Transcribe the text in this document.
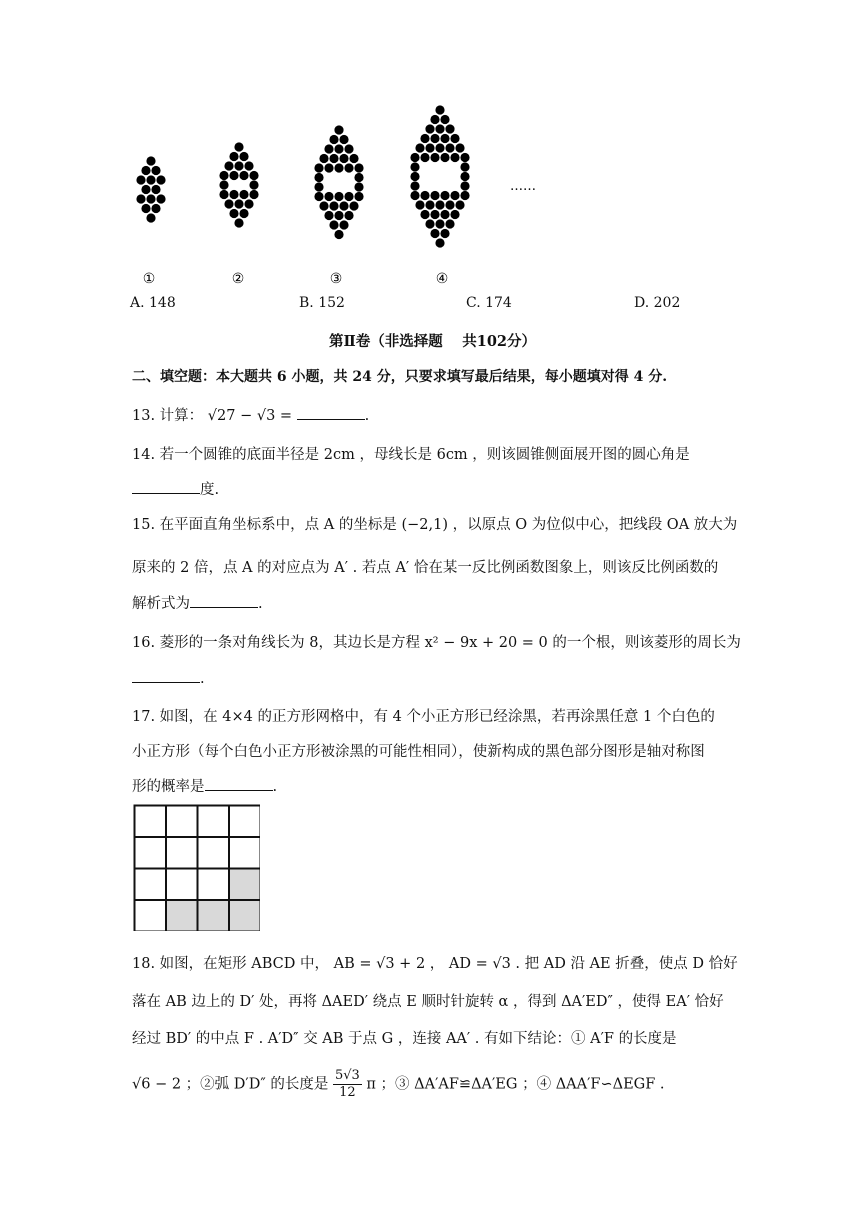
①	②	③	④
……
A. 148	B. 152	C. 174	D. 202
第Ⅱ卷（非选择题　 共102分）
二、填空题：本大题共 6 小题，共 24 分，只要求填写最后结果，每小题填对得 4 分.
13. 计算： √27 − √3 =	.
14. 若一个圆锥的底面半径是 2cm ，母线长是 6cm ，则该圆锥侧面展开图的圆心角是
度.
15. 在平面直角坐标系中，点 A 的坐标是 (−2,1) ，以原点 O 为位似中心，把线段 OA 放大为
原来的 2 倍，点 A 的对应点为 A′ . 若点 A′ 恰在某一反比例函数图象上，则该反比例函数的
解析式为	.
16. 菱形的一条对角线长为 8，其边长是方程 x² − 9x + 20 = 0 的一个根，则该菱形的周长为
.
17. 如图，在 4×4 的正方形网格中，有 4 个小正方形已经涂黑，若再涂黑任意 1 个白色的
小正方形（每个白色小正方形被涂黑的可能性相同），使新构成的黑色部分图形是轴对称图
形的概率是	.
18. 如图，在矩形 ABCD 中， AB = √3 + 2 ， AD = √3 . 把 AD 沿 AE 折叠，使点 D 恰好
落在 AB 边上的 D′ 处，再将 ΔAED′ 绕点 E 顺时针旋转 α ，得到 ΔA′ED″ ，使得 EA′ 恰好
经过 BD′ 的中点 F . A′D″ 交 AB 于点 G ，连接 AA′ . 有如下结论：① A′F 的长度是
√6 − 2 ；②弧 D′D″ 的长度是 $\frac{5√3}{12}$ π ；③ ΔA′AF≌ΔA′EG ；④ ΔAA′F∽ΔEGF .
